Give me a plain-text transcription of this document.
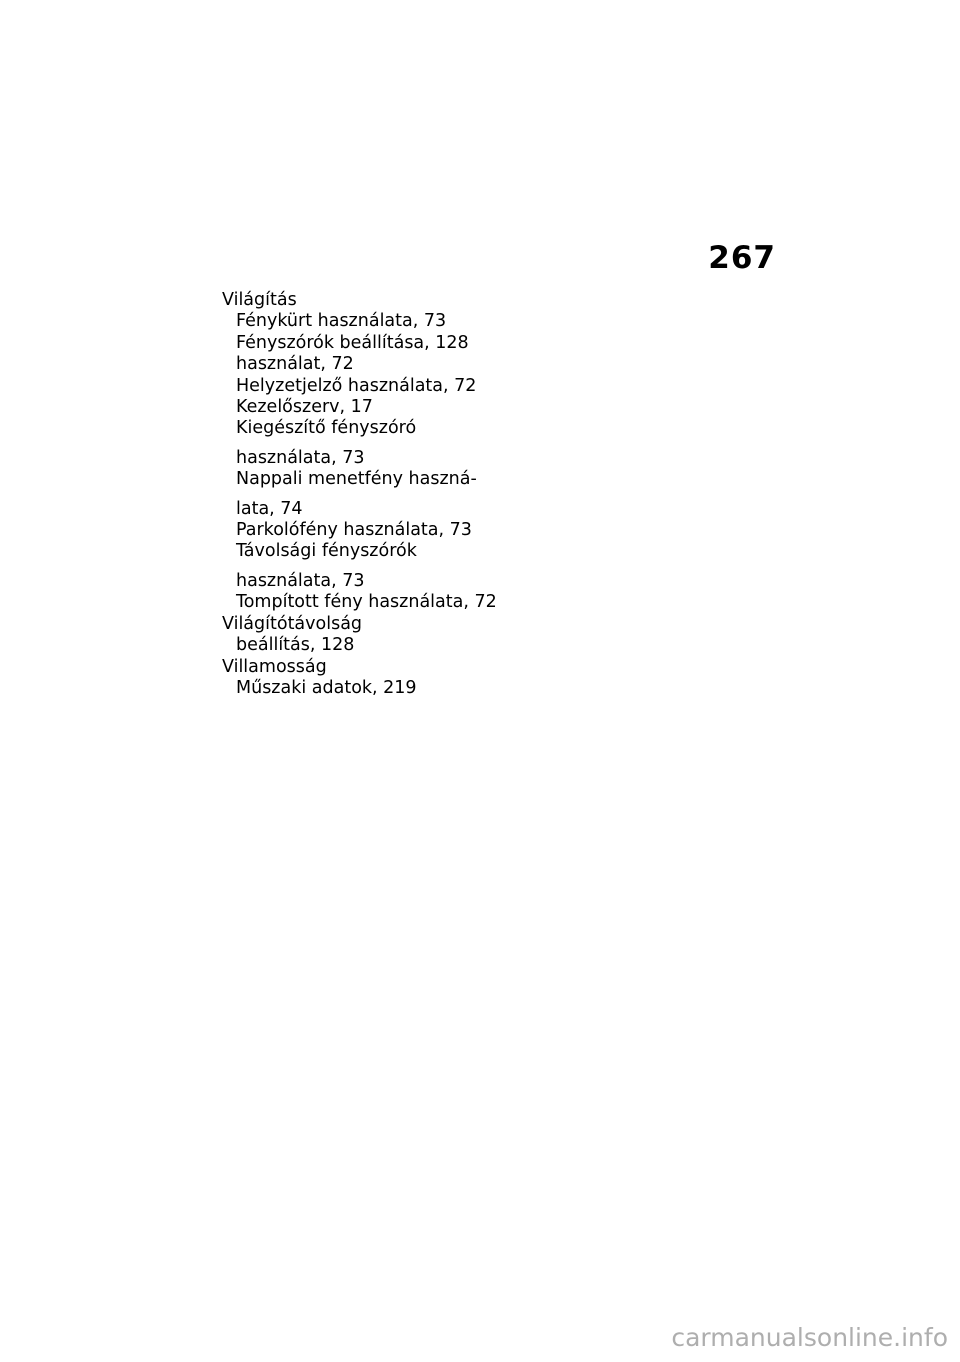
267
Világítás
Fénykürt használata, 73
Fényszórók beállítása, 128
használat, 72
Helyzetjelző használata, 72
Kezelőszerv, 17
Kiegészítő fényszóró
használata, 73
Nappali menetfény haszná-
lata, 74
Parkolófény használata, 73
Távolsági fényszórók
használata, 73
Tompított fény használata, 72
Világítótávolság
beállítás, 128
Villamosság
Műszaki adatok, 219
carmanualsonline.info
